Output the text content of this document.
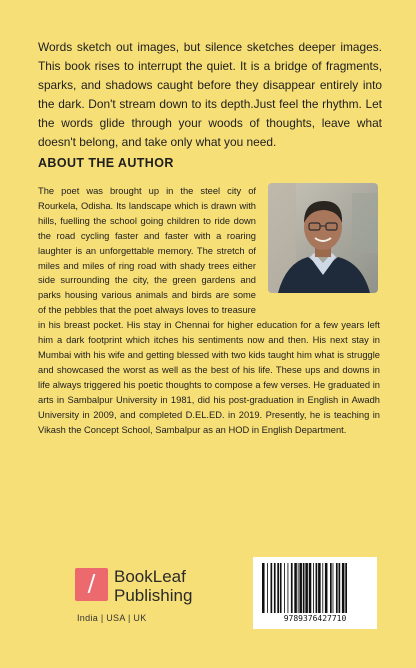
Words sketch out images, but silence sketches deeper images. This book rises to interrupt the quiet. It is a bridge of fragments, sparks, and shadows caught before they disappear entirely into the dark. Don't stream down to its depth.Just feel the rhythm. Let the words glide through your woods of thoughts, leave what doesn't belong, and take only what you need.

ABOUT THE AUTHOR

The poet was brought up in the steel city of Rourkela, Odisha. Its landscape which is drawn with hills, fuelling the school going children to ride down the road cycling faster and faster with a roaring laughter is an unforgettable memory. The stretch of miles and miles of ring road with shady trees either side surrounding the city, the green gardens and parks housing various animals and birds are some of the pebbles that the poet always loves to treasure in his breast pocket. His stay in Chennai for higher education for a few years left him a dark footprint which itches his sentiments now and then. His next stay in Mumbai with his wife and getting blessed with two kids taught him what is struggle and showcased the worst as well as the best of his life. These ups and downs in life always triggered his poetic thoughts to compose a few verses. He graduated in arts in Sambalpur University in 1981, did his post-graduation in English in Awadh University in 2009, and completed D.EL.ED. in 2019. Presently, he is teaching in Vikash the Concept School, Sambalpur as an HOD in English Department.

/	BookLeaf
Publishing
India | USA | UK	9789376427710
